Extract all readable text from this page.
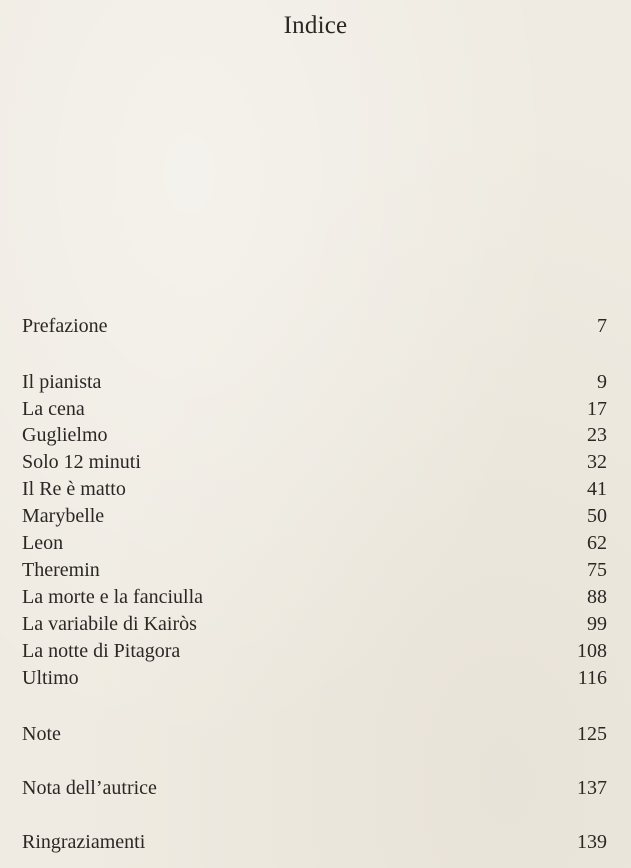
Indice
Prefazione	7
Il pianista	9
La cena	17
Guglielmo	23
Solo 12 minuti	32
Il Re è matto	41
Marybelle	50
Leon	62
Theremin	75
La morte e la fanciulla	88
La variabile di Kairòs	99
La notte di Pitagora	108
Ultimo	116
Note	125
Nota dell’autrice	137
Ringraziamenti	139
